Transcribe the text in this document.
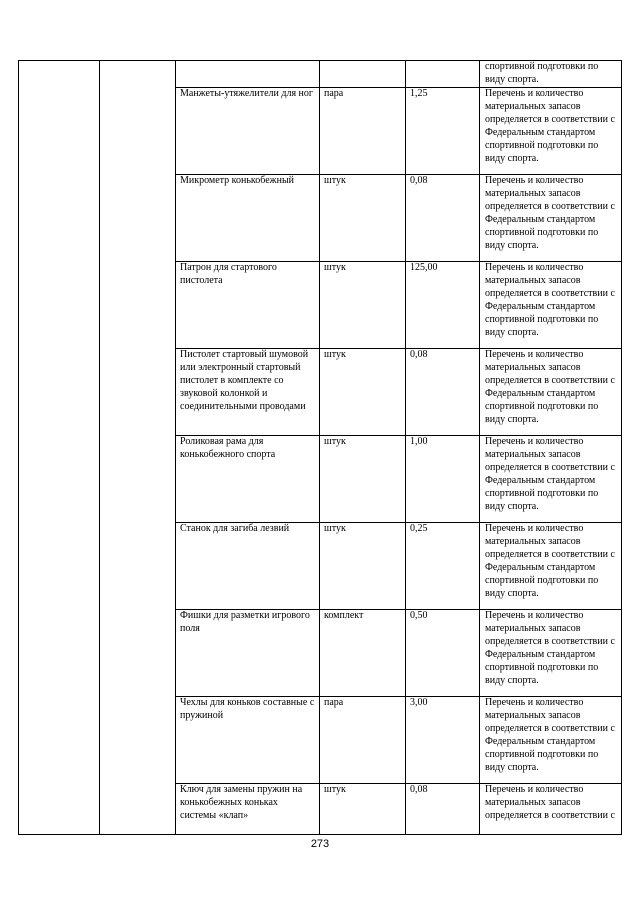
					спортивной подготовки по виду спорта.
		Манжеты-утяжелители для ног	пара	1,25	Перечень и количество материальных запасов определяется в соответствии с Федеральным стандартом спортивной подготовки по виду спорта.
		Микрометр конькобежный	штук	0,08	Перечень и количество материальных запасов определяется в соответствии с Федеральным стандартом спортивной подготовки по виду спорта.
		Патрон для стартового пистолета	штук	125,00	Перечень и количество материальных запасов определяется в соответствии с Федеральным стандартом спортивной подготовки по виду спорта.
		Пистолет стартовый шумовой или электронный стартовый пистолет в комплекте со звуковой колонкой и соединительными проводами	штук	0,08	Перечень и количество материальных запасов определяется в соответствии с Федеральным стандартом спортивной подготовки по виду спорта.
		Роликовая рама для конькобежного спорта	штук	1,00	Перечень и количество материальных запасов определяется в соответствии с Федеральным стандартом спортивной подготовки по виду спорта.
		Станок для загиба лезвий	штук	0,25	Перечень и количество материальных запасов определяется в соответствии с Федеральным стандартом спортивной подготовки по виду спорта.
		Фишки для разметки игрового поля	комплект	0,50	Перечень и количество материальных запасов определяется в соответствии с Федеральным стандартом спортивной подготовки по виду спорта.
		Чехлы для коньков составные с пружиной	пара	3,00	Перечень и количество материальных запасов определяется в соответствии с Федеральным стандартом спортивной подготовки по виду спорта.
		Ключ для замены пружин на конькобежных коньках системы «клап»	штук	0,08	Перечень и количество материальных запасов определяется в соответствии с
273
